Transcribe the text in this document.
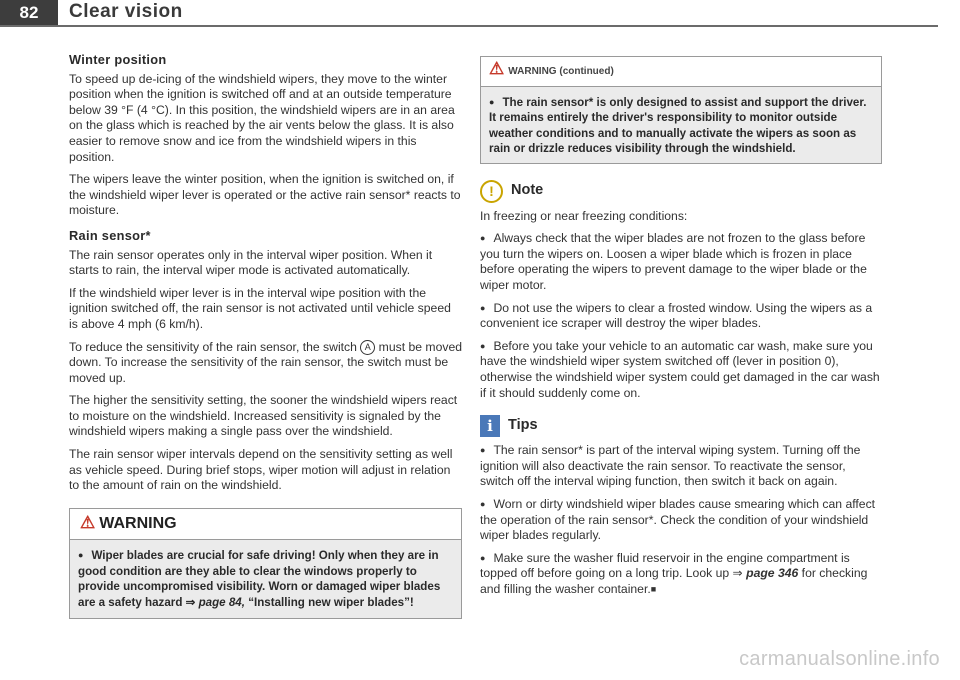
82	Clear vision
Winter position

To speed up de-icing of the windshield wipers, they move to the winter position when the ignition is switched off and at an outside temperature below 39 °F (4 °C). In this position, the windshield wipers are in an area on the glass which is reached by the air vents below the glass. It is also easier to remove snow and ice from the windshield wipers in this position.

The wipers leave the winter position, when the ignition is switched on, if the windshield wiper lever is operated or the active rain sensor* reacts to moisture.

Rain sensor*

The rain sensor operates only in the interval wiper position. When it starts to rain, the interval wiper mode is activated automatically.

If the windshield wiper lever is in the interval wipe position with the ignition switched off, the rain sensor is not activated until vehicle speed is above 4 mph (6 km/h).

To reduce the sensitivity of the rain sensor, the switch A must be moved down. To increase the sensitivity of the rain sensor, the switch must be moved up.

The higher the sensitivity setting, the sooner the windshield wipers react to moisture on the windshield. Increased sensitivity is signaled by the windshield wipers making a single pass over the windshield.

The rain sensor wiper intervals depend on the sensitivity setting as well as vehicle speed. During brief stops, wiper motion will adjust in relation to the amount of rain on the windshield.

⚠ WARNING
● Wiper blades are crucial for safe driving! Only when they are in good condition are they able to clear the windows properly to provide uncompromised visibility. Worn or damaged wiper blades are a safety hazard ⇒ page 84, “Installing new wiper blades”!
⚠ WARNING (continued)
● The rain sensor* is only designed to assist and support the driver. It remains entirely the driver's responsibility to monitor outside weather conditions and to manually activate the wipers as soon as rain or drizzle reduces visibility through the windshield.
!	Note

In freezing or near freezing conditions:

● Always check that the wiper blades are not frozen to the glass before you turn the wipers on. Loosen a wiper blade which is frozen in place before operating the wipers to prevent damage to the wiper blade or the wiper motor.

● Do not use the wipers to clear a frosted window. Using the wipers as a convenient ice scraper will destroy the wiper blades.

● Before you take your vehicle to an automatic car wash, make sure you have the windshield wiper system switched off (lever in position 0), otherwise the windshield wiper system could get damaged in the car wash if it should suddenly come on.

i	Tips

● The rain sensor* is part of the interval wiping system. Turning off the ignition will also deactivate the rain sensor. To reactivate the sensor, switch off the interval wiping function, then switch it back on again.

● Worn or dirty windshield wiper blades cause smearing which can affect the operation of the rain sensor*. Check the condition of your windshield wiper blades regularly.

● Make sure the washer fluid reservoir in the engine compartment is topped off before going on a long trip. Look up ⇒ page 346 for checking and filling the washer container.■

carmanualsonline.info
